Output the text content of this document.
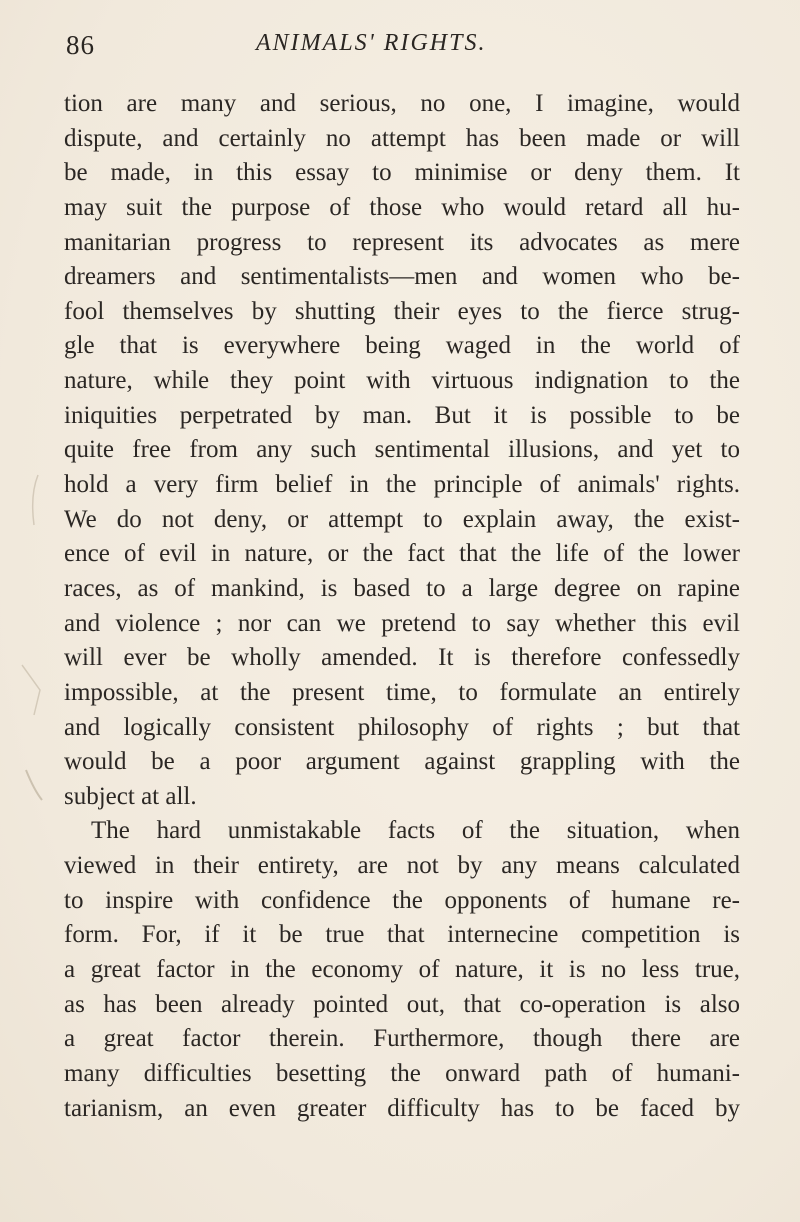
86	ANIMALS' RIGHTS.
tion are many and serious, no one, I imagine, would
dispute, and certainly no attempt has been made or will
be made, in this essay to minimise or deny them. It
may suit the purpose of those who would retard all hu-
manitarian progress to represent its advocates as mere
dreamers and sentimentalists—men and women who be-
fool themselves by shutting their eyes to the fierce strug-
gle that is everywhere being waged in the world of
nature, while they point with virtuous indignation to the
iniquities perpetrated by man. But it is possible to be
quite free from any such sentimental illusions, and yet to
hold a very firm belief in the principle of animals' rights.
We do not deny, or attempt to explain away, the exist-
ence of evil in nature, or the fact that the life of the lower
races, as of mankind, is based to a large degree on rapine
and violence ; nor can we pretend to say whether this evil
will ever be wholly amended. It is therefore confessedly
impossible, at the present time, to formulate an entirely
and logically consistent philosophy of rights ; but that
would be a poor argument against grappling with the
subject at all.
The hard unmistakable facts of the situation, when
viewed in their entirety, are not by any means calculated
to inspire with confidence the opponents of humane re-
form. For, if it be true that internecine competition is
a great factor in the economy of nature, it is no less true,
as has been already pointed out, that co-operation is also
a great factor therein. Furthermore, though there are
many difficulties besetting the onward path of humani-
tarianism, an even greater difficulty has to be faced by
